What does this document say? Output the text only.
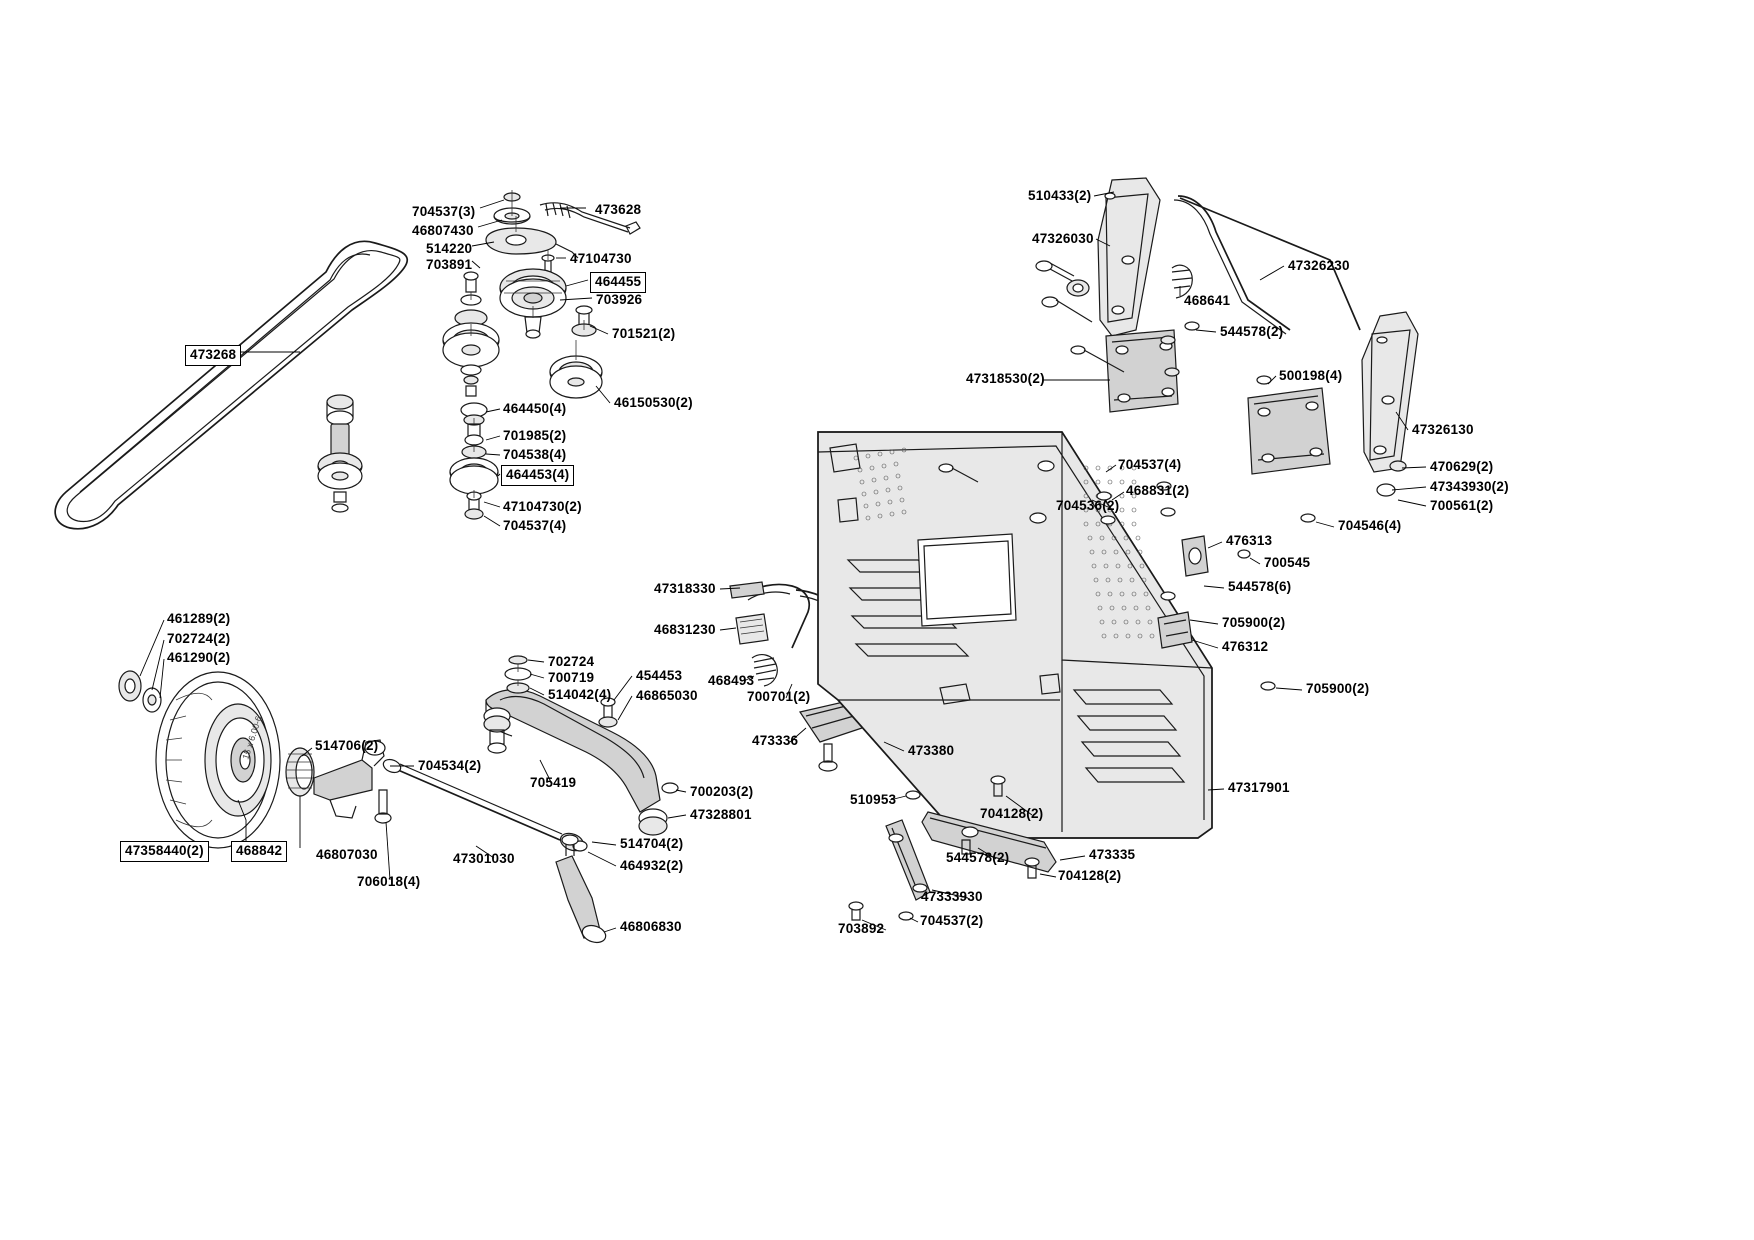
15 x 6.00-6
473268
704537(3)	473628
46807430
514220
703891	47104730
464455
703926
701521(2)
464450(4)	46150530(2)
701985(2)
704538(4)
464453(4)
47104730(2)
704537(4)
461289(2)
702724(2)
461290(2)
514706(2)
704534(2)
47358440(2)	468842	46807030
706018(4)
47301030
514704(2)
464932(2)
46806830
702724
700719
514042(4)
454453
46865030
705419
700203(2)
47328801
47318330
46831230
468493
700701(2)
473336
510953
473380
510433(2)
47326030
47326230
468641
544578(2)
47318530(2)	500198(4)
47326130
704537(4)	470629(2)
468831(2)	47343930(2)
700561(2)
704536(2)
704546(4)
476313
700545
544578(6)
705900(2)
476312
705900(2)
47317901
704128(2)
544578(2)	473335
704128(2)
47333930
703892
704537(2)
